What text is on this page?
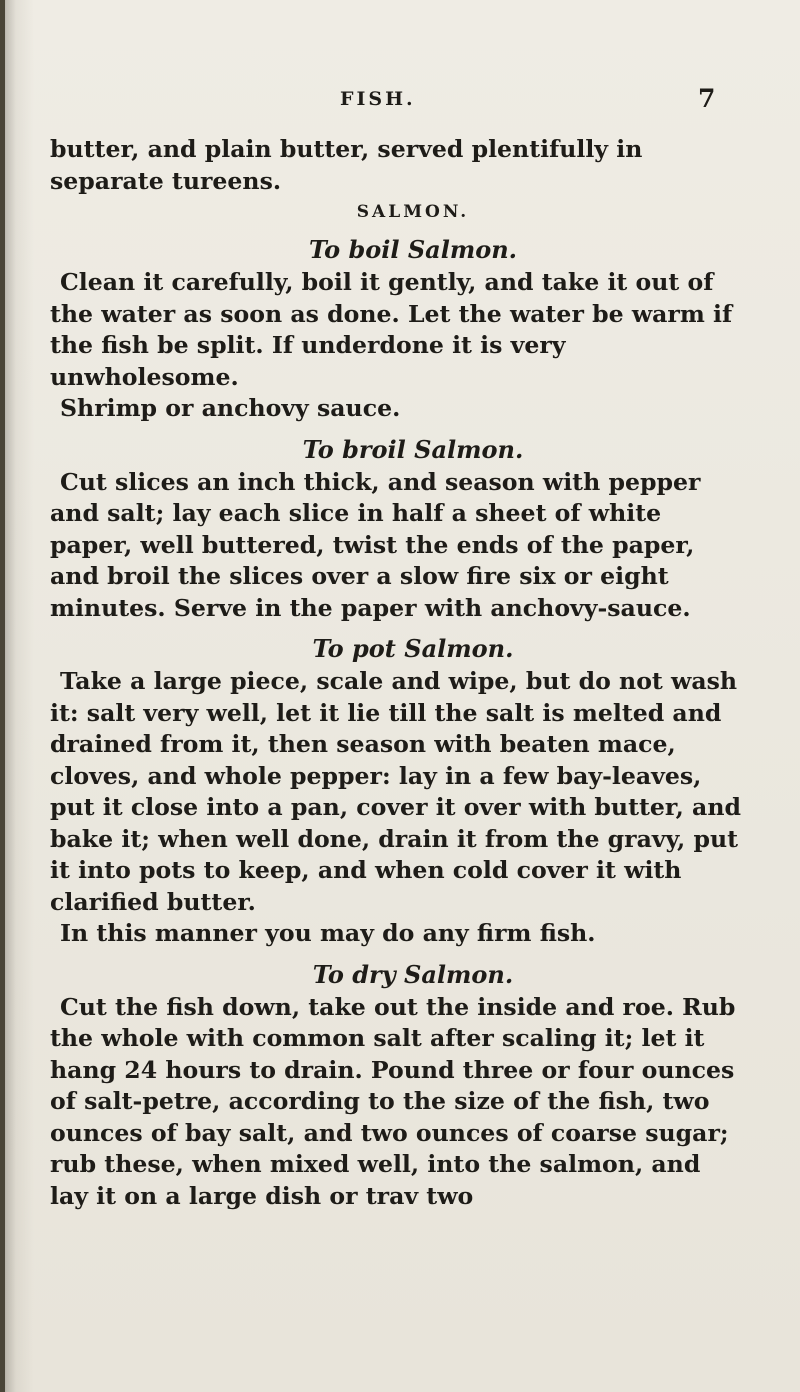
FISH.	7

butter, and plain butter, served plentifully in separate tureens.

SALMON.

To boil Salmon.

Clean it carefully, boil it gently, and take it out of the water as soon as done. Let the water be warm if the fish be split. If underdone it is very unwholesome.

Shrimp or anchovy sauce.

To broil Salmon.

Cut slices an inch thick, and season with pepper and salt; lay each slice in half a sheet of white paper, well buttered, twist the ends of the paper, and broil the slices over a slow fire six or eight minutes. Serve in the paper with anchovy-sauce.

To pot Salmon.

Take a large piece, scale and wipe, but do not wash it: salt very well, let it lie till the salt is melted and drained from it, then season with beaten mace, cloves, and whole pepper: lay in a few bay-leaves, put it close into a pan, cover it over with butter, and bake it; when well done, drain it from the gravy, put it into pots to keep, and when cold cover it with clarified butter.

In this manner you may do any firm fish.

To dry Salmon.

Cut the fish down, take out the inside and roe. Rub the whole with common salt after scaling it; let it hang 24 hours to drain. Pound three or four ounces of salt-petre, according to the size of the fish, two ounces of bay salt, and two ounces of coarse sugar; rub these, when mixed well, into the salmon, and lay it on a large dish or trav two
